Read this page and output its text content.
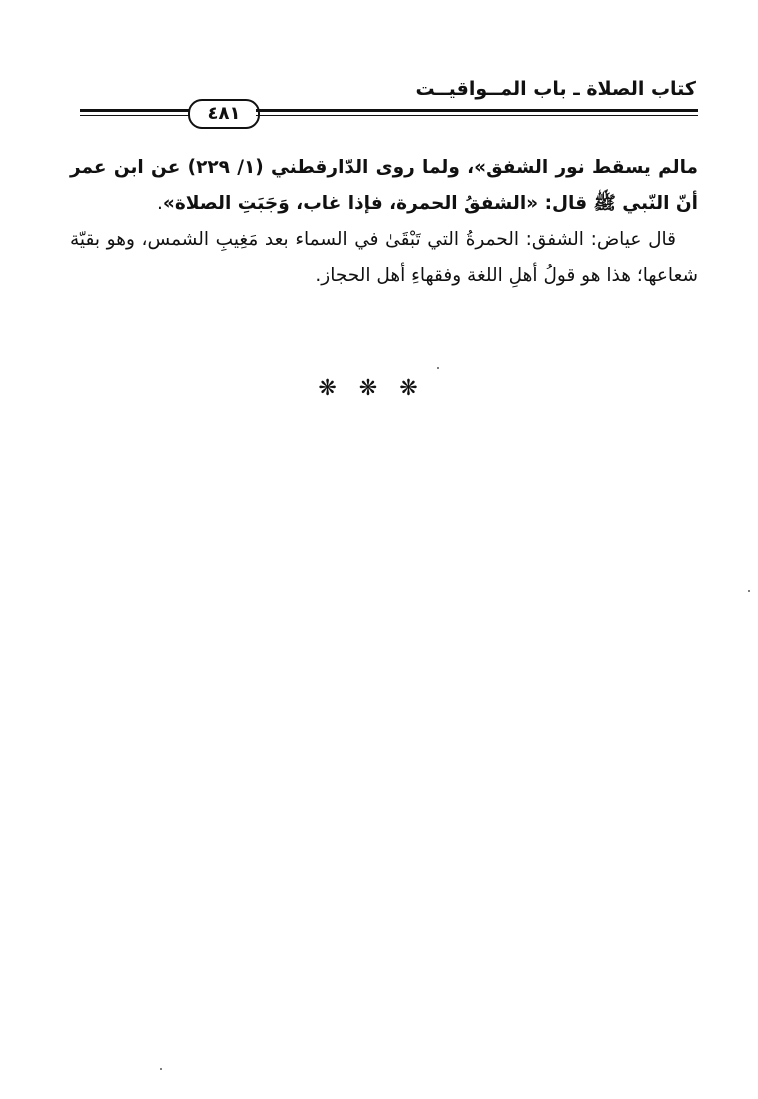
كتاب الصلاة ـ باب المــواقيــت
٤٨١

مالم يسقط نور الشفق»، ولما روى الدّارقطني (١/ ٢٢٩) عن ابن عمر أنّ النّبي ﷺ قال: «الشفقُ الحمرة، فإذا غاب، وَجَبَتِ الصلاة».

قال عياض: الشفق: الحمرةُ التي تَبْقَىٰ في السماء بعد مَغِيبِ الشمس، وهو بقيّة شعاعها؛ هذا هو قولُ أهلِ اللغة وفقهاءِ أهل الحجاز.

❋❋❋
